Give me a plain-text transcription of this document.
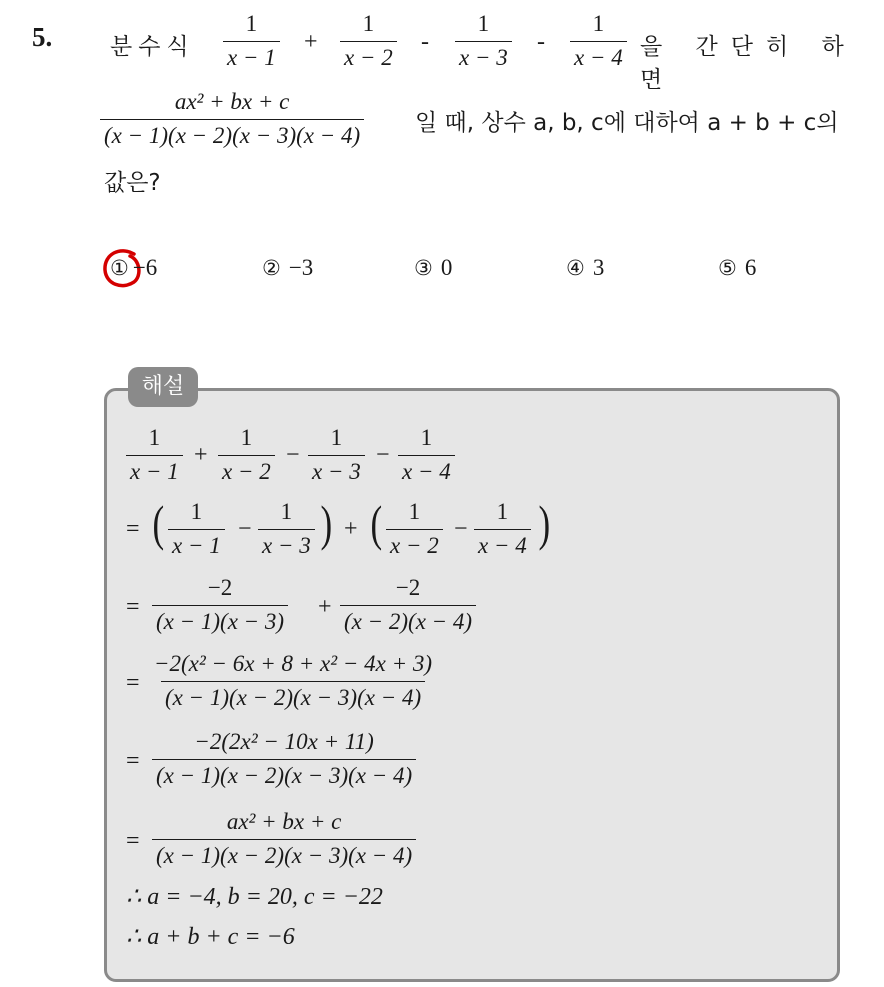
5.	분수식 $\frac{1}{x - 1} + \frac{1}{x - 2} - \frac{1}{x - 3} - \frac{1}{x - 4}$ 을 간단히 하면
$\frac{\text{ax² + bx + c}}{(x - 1)(x - 2)(x - 3)(x - 4)}$ 일 때, 상수 a, b, c에 대하여 a + b + c의
값은?
① −6	② −3	③ 0	④ 3	⑤ 6
해설
$\frac{1}{x - 1} + \frac{1}{x - 2} - \frac{1}{x - 3} - \frac{1}{x - 4}$
= ( $\frac{1}{x - 1} - \frac{1}{x - 3}$ ) + ( $\frac{1}{x - 2} - \frac{1}{x - 4}$ )
= $\frac{-2}{(x - 1)(x - 3)} + \frac{-2}{(x - 2)(x - 4)}$
= $\frac{\text{−2(x² − 6x + 8 + x² − 4x + 3)}}{(x - 1)(x - 2)(x - 3)(x - 4)}$
= $\frac{\text{−2(2x² − 10x + 11)}}{(x - 1)(x - 2)(x - 3)(x - 4)}$
= $\frac{\text{ax² + bx + c}}{(x - 1)(x - 2)(x - 3)(x - 4)}$
∴ a = −4, b = 20, c = −22
∴ a + b + c = −6
